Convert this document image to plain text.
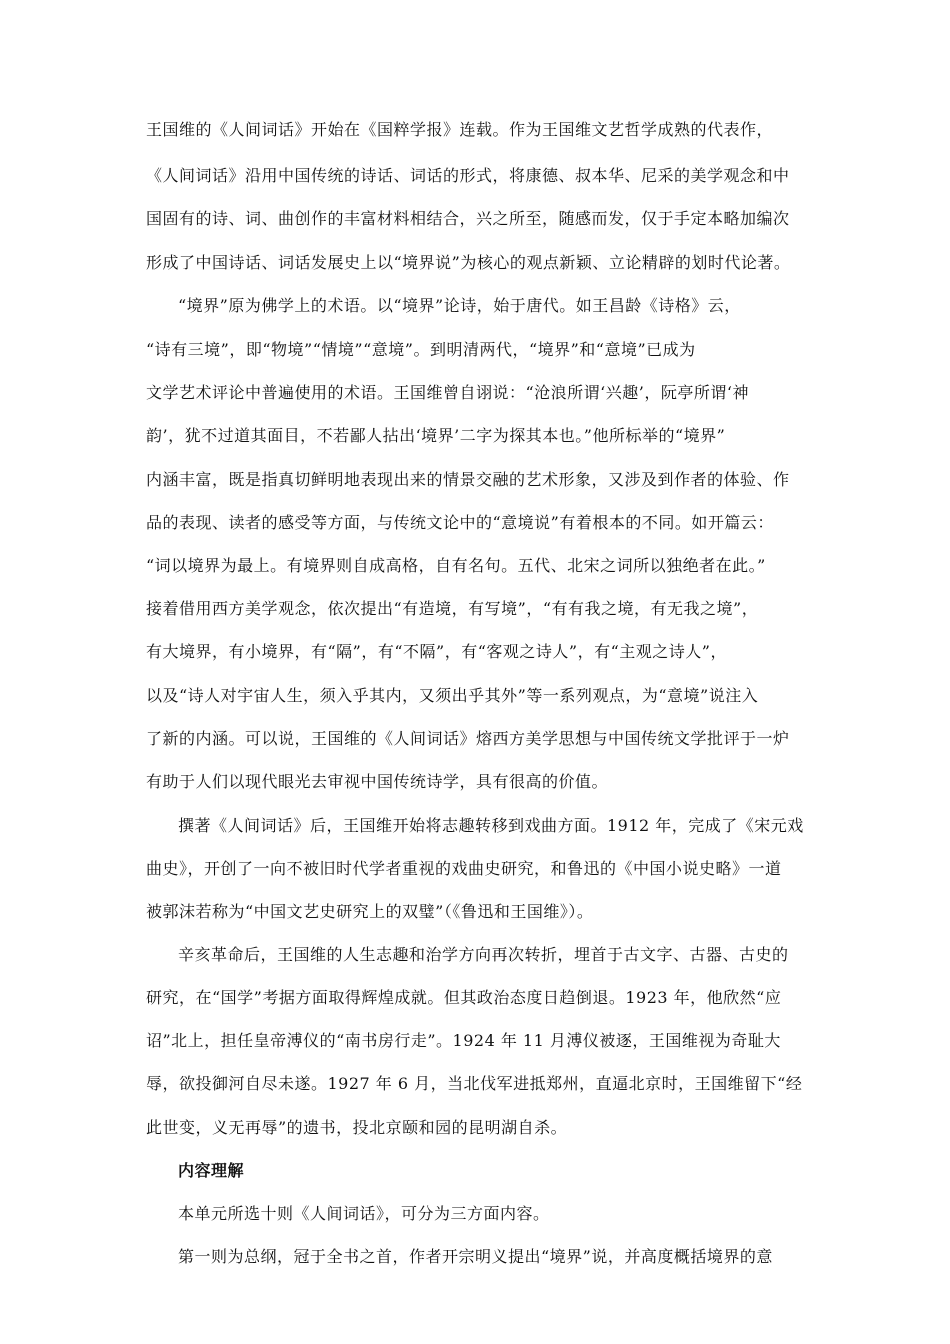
王国维的《人间词话》开始在《国粹学报》连载。作为王国维文艺哲学成熟的代表作，
《人间词话》沿用中国传统的诗话、词话的形式，将康德、叔本华、尼采的美学观念和中
国固有的诗、词、曲创作的丰富材料相结合，兴之所至，随感而发，仅于手定本略加编次
形成了中国诗话、词话发展史上以“境界说”为核心的观点新颖、立论精辟的划时代论著。
“境界”原为佛学上的术语。以“境界”论诗，始于唐代。如王昌龄《诗格》云，
“诗有三境”，即“物境”“情境”“意境”。到明清两代，“境界”和“意境”已成为
文学艺术评论中普遍使用的术语。王国维曾自诩说：“沧浪所谓‘兴趣’，阮亭所谓‘神
韵’，犹不过道其面目，不若鄙人拈出‘境界’二字为探其本也。”他所标举的“境界”
内涵丰富，既是指真切鲜明地表现出来的情景交融的艺术形象，又涉及到作者的体验、作
品的表现、读者的感受等方面，与传统文论中的“意境说”有着根本的不同。如开篇云：
“词以境界为最上。有境界则自成高格，自有名句。五代、北宋之词所以独绝者在此。”
接着借用西方美学观念，依次提出“有造境，有写境”，“有有我之境，有无我之境”，
有大境界，有小境界，有“隔”，有“不隔”，有“客观之诗人”，有“主观之诗人”，
以及“诗人对宇宙人生，须入乎其内，又须出乎其外”等一系列观点，为“意境”说注入
了新的内涵。可以说，王国维的《人间词话》熔西方美学思想与中国传统文学批评于一炉
有助于人们以现代眼光去审视中国传统诗学，具有很高的价值。
撰著《人间词话》后，王国维开始将志趣转移到戏曲方面。1912 年，完成了《宋元戏
曲史》，开创了一向不被旧时代学者重视的戏曲史研究，和鲁迅的《中国小说史略》一道
被郭沫若称为“中国文艺史研究上的双璧”（《鲁迅和王国维》）。
辛亥革命后，王国维的人生志趣和治学方向再次转折，埋首于古文字、古器、古史的
研究，在“国学”考据方面取得辉煌成就。但其政治态度日趋倒退。1923 年，他欣然“应
诏”北上，担任皇帝溥仪的“南书房行走”。1924 年 11 月溥仪被逐，王国维视为奇耻大
辱，欲投御河自尽未遂。1927 年 6 月，当北伐军进抵郑州，直逼北京时，王国维留下“经
此世变，义无再辱”的遗书，投北京颐和园的昆明湖自杀。
内容理解
本单元所选十则《人间词话》，可分为三方面内容。
第一则为总纲，冠于全书之首，作者开宗明义提出“境界”说，并高度概括境界的意
